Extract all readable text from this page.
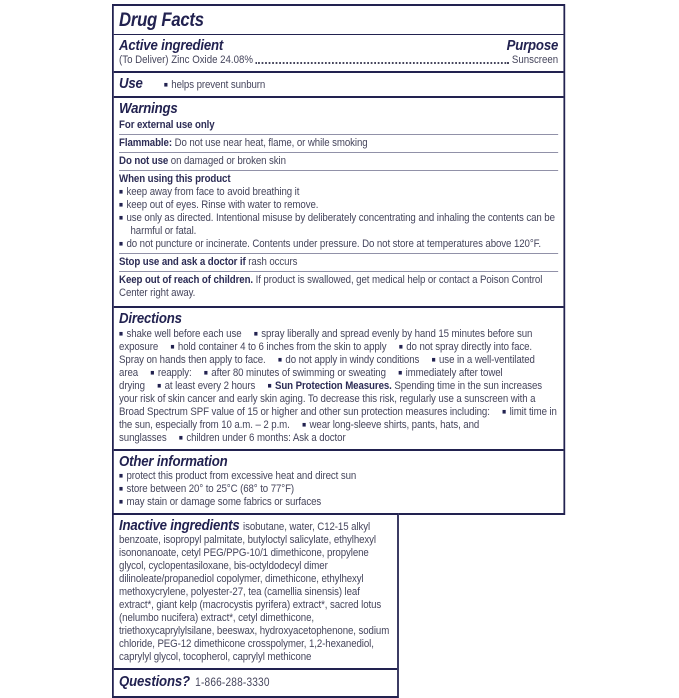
Drug Facts
Active ingredient	Purpose
(To Deliver) Zinc Oxide 24.08%	Sunscreen
Use	■ helps prevent sunburn
Warnings
For external use only
Flammable: Do not use near heat, flame, or while smoking
Do not use on damaged or broken skin
When using this product
■ keep away from face to avoid breathing it
■ keep out of eyes. Rinse with water to remove.
■ use only as directed. Intentional misuse by deliberately concentrating and inhaling the contents can be harmful or fatal.
■ do not puncture or incinerate. Contents under pressure. Do not store at temperatures above 120°F.
Stop use and ask a doctor if rash occurs
Keep out of reach of children. If product is swallowed, get medical help or contact a Poison Control Center right away.
Directions
■ shake well before each use ■ spray liberally and spread evenly by hand 15 minutes before sun exposure ■ hold container 4 to 6 inches from the skin to apply ■ do not spray directly into face. Spray on hands then apply to face. ■ do not apply in windy conditions ■ use in a well-ventilated area ■ reapply: ■ after 80 minutes of swimming or sweating ■ immediately after towel drying ■ at least every 2 hours ■ Sun Protection Measures. Spending time in the sun increases your risk of skin cancer and early skin aging. To decrease this risk, regularly use a sunscreen with a Broad Spectrum SPF value of 15 or higher and other sun protection measures including: ■ limit time in the sun, especially from 10 a.m. – 2 p.m. ■ wear long-sleeve shirts, pants, hats, and sunglasses ■ children under 6 months: Ask a doctor
Other information
■ protect this product from excessive heat and direct sun
■ store between 20° to 25°C (68° to 77°F)
■ may stain or damage some fabrics or surfaces
Inactive ingredients isobutane, water, C12-15 alkyl benzoate, isopropyl palmitate, butyloctyl salicylate, ethylhexyl isononanoate, cetyl PEG/PPG-10/1 dimethicone, propylene glycol, cyclopentasiloxane, bis-octyldodecyl dimer dilinoleate/propanediol copolymer, dimethicone, ethylhexyl methoxycrylene, polyester-27, tea (camellia sinensis) leaf extract*, giant kelp (macrocystis pyrifera) extract*, sacred lotus (nelumbo nucifera) extract*, cetyl dimethicone, triethoxycaprylylsilane, beeswax, hydroxyacetophenone, sodium chloride, PEG-12 dimethicone crosspolymer, 1,2-hexanediol, caprylyl glycol, tocopherol, caprylyl methicone
Questions? 1-866-288-3330
